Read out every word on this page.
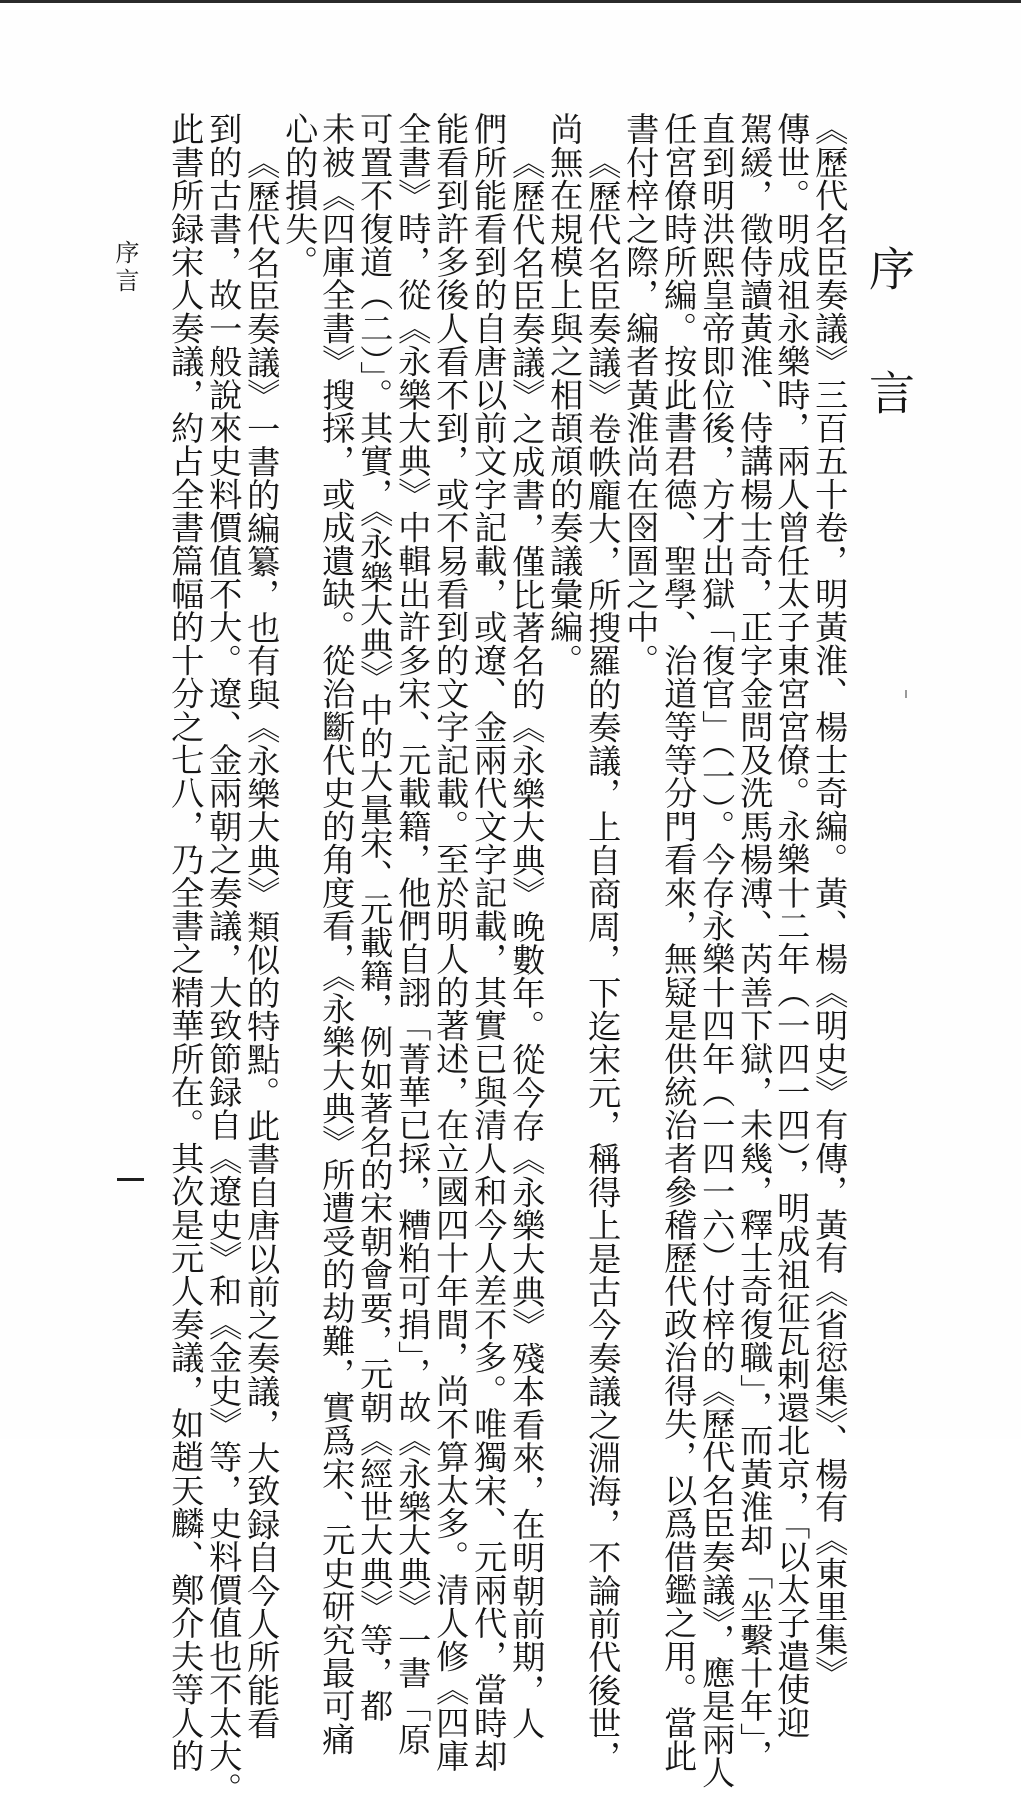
序言
《歷代名臣奏議》三百五十卷，明黃淮、楊士奇編。黃、楊《明史》有傳，黃有《省愆集》、楊有《東里集》
傳世。明成祖永樂時，兩人曾任太子東宮宮僚。永樂十二年（一四一四），明成祖征瓦剌還北京，「以太子遣使迎
駕緩，徵侍讀黃淮、侍講楊士奇，正字金問及洗馬楊溥、芮善下獄，未幾，釋士奇復職」，而黃淮却「坐繫十年」，
直到明洪熙皇帝即位後，方才出獄「復官」（一）。今存永樂十四年（一四一六）付梓的《歷代名臣奏議》，應是兩人
任宮僚時所編。按此書君德、聖學、治道等等分門看來，無疑是供統治者參稽歷代政治得失，以爲借鑑之用。當此
書付梓之際，編者黃淮尚在囹圄之中。
《歷代名臣奏議》卷帙龐大，所搜羅的奏議，上自商周，下迄宋元，稱得上是古今奏議之淵海，不論前代後世，
尚無在規模上與之相頡頏的奏議彙編。
《歷代名臣奏議》之成書，僅比著名的《永樂大典》晚數年。從今存《永樂大典》殘本看來，在明朝前期，人
們所能看到的自唐以前文字記載，或遼、金兩代文字記載，其實已與清人和今人差不多。唯獨宋、元兩代，當時却
能看到許多後人看不到，或不易看到的文字記載。至於明人的著述，在立國四十年間，尚不算太多。清人修《四庫
全書》時，從《永樂大典》中輯出許多宋、元載籍，他們自詡「菁華已採，糟粕可捐」，故《永樂大典》一書「原
可置不復道（二）」。其實，《永樂大典》中的大量宋、元載籍，例如著名的宋朝會要，元朝《經世大典》等，都
未被《四庫全書》搜採，或成遺缺。從治斷代史的角度看，《永樂大典》所遭受的劫難，實爲宋、元史研究最可痛
心的損失。
《歷代名臣奏議》一書的編纂，也有與《永樂大典》類似的特點。此書自唐以前之奏議，大致録自今人所能看
到的古書，故一般說來史料價值不大。遼、金兩朝之奏議，大致節録自《遼史》和《金史》等，史料價值也不太大。
此書所録宋人奏議，約占全書篇幅的十分之七八，乃全書之精華所在。其次是元人奏議，如趙天麟、鄭介夫等人的
序言
